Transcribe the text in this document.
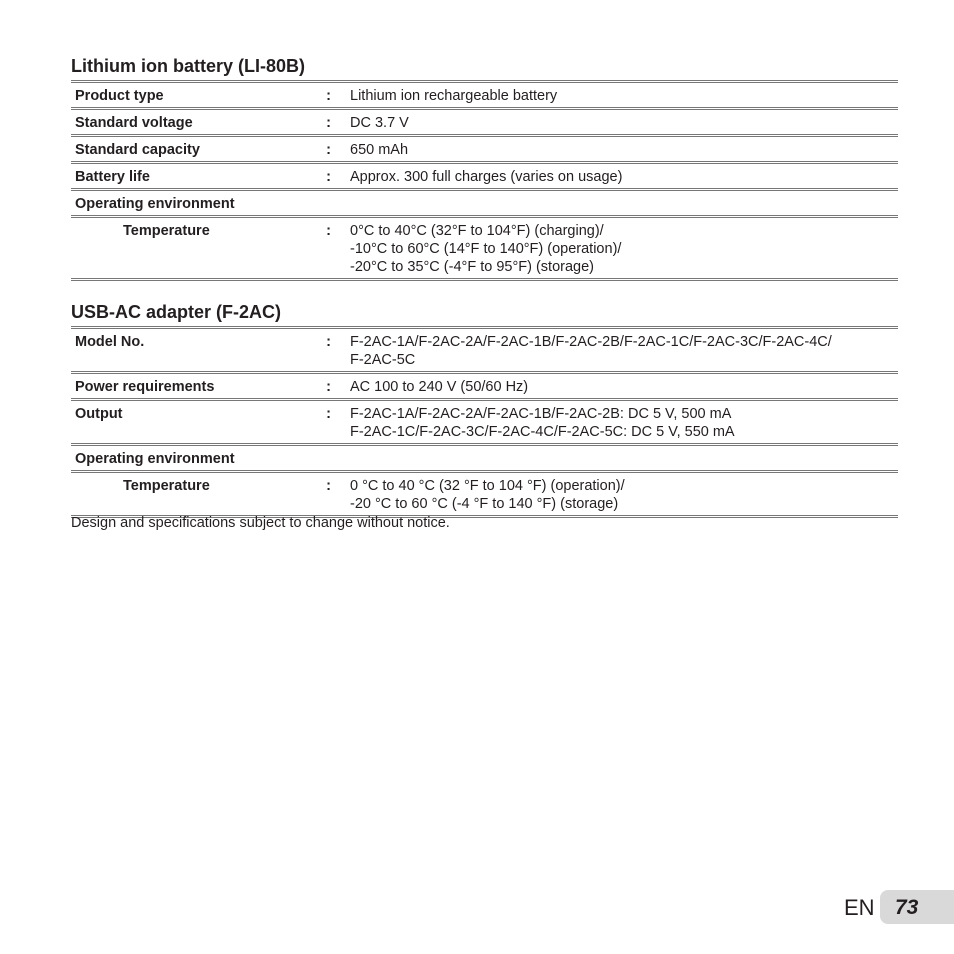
Lithium ion battery (LI-80B)
Product type	:	Lithium ion rechargeable battery
Standard voltage	:	DC 3.7 V
Standard capacity	:	650 mAh
Battery life	:	Approx. 300 full charges (varies on usage)
Operating environment
Temperature	:	0°C to 40°C (32°F to 104°F) (charging)/
-10°C to 60°C (14°F to 140°F) (operation)/
-20°C to 35°C (-4°F to 95°F) (storage)
USB-AC adapter (F-2AC)
Model No.	:	F-2AC-1A/F-2AC-2A/F-2AC-1B/F-2AC-2B/F-2AC-1C/F-2AC-3C/F-2AC-4C/
F-2AC-5C
Power requirements	:	AC 100 to 240 V (50/60 Hz)
Output	:	F-2AC-1A/F-2AC-2A/F-2AC-1B/F-2AC-2B: DC 5 V, 500 mA
F-2AC-1C/F-2AC-3C/F-2AC-4C/F-2AC-5C: DC 5 V, 550 mA
Operating environment
Temperature	:	0 °C to 40 °C (32 °F to 104 °F) (operation)/
-20 °C to 60 °C (-4 °F to 140 °F) (storage)
Design and specifications subject to change without notice.
EN 73
